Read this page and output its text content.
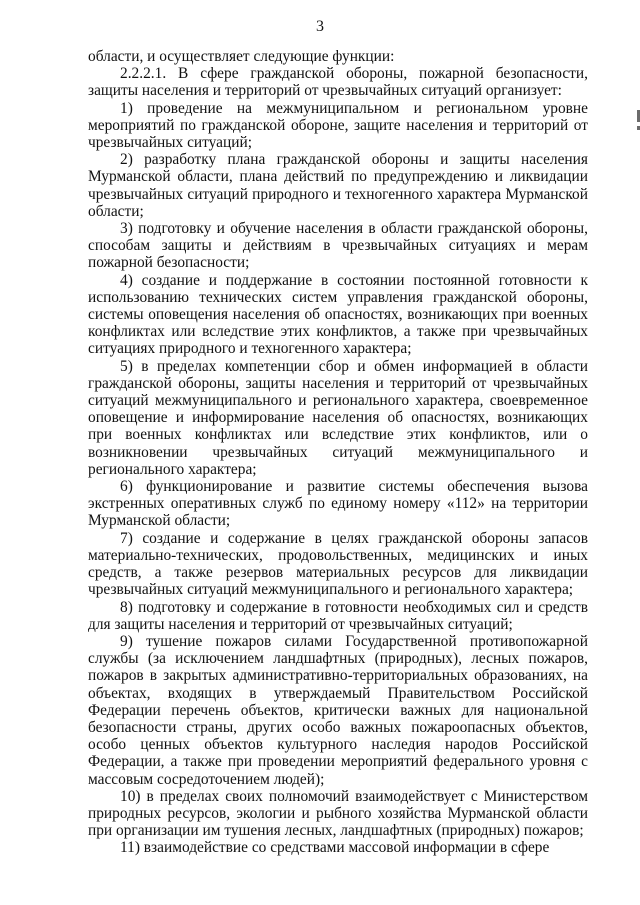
3

области, и осуществляет следующие функции:

2.2.2.1. В сфере гражданской обороны, пожарной безопасности, защиты населения и территорий от чрезвычайных ситуаций организует:

1) проведение на межмуниципальном и региональном уровне мероприятий по гражданской обороне, защите населения и территорий от чрезвычайных ситуаций;

2) разработку плана гражданской обороны и защиты населения Мурманской области, плана действий по предупреждению и ликвидации чрезвычайных ситуаций природного и техногенного характера Мурманской области;

3) подготовку и обучение населения в области гражданской обороны, способам защиты и действиям в чрезвычайных ситуациях и мерам пожарной безопасности;

4) создание и поддержание в состоянии постоянной готовности к использованию технических систем управления гражданской обороны, системы оповещения населения об опасностях, возникающих при военных конфликтах или вследствие этих конфликтов, а также при чрезвычайных ситуациях природного и техногенного характера;

5) в пределах компетенции сбор и обмен информацией в области гражданской обороны, защиты населения и территорий от чрезвычайных ситуаций межмуниципального и регионального характера, своевременное оповещение и информирование населения об опасностях, возникающих при военных конфликтах или вследствие этих конфликтов, или о возникновении чрезвычайных ситуаций межмуниципального и регионального характера;

6) функционирование и развитие системы обеспечения вызова экстренных оперативных служб по единому номеру «112» на территории Мурманской области;

7) создание и содержание в целях гражданской обороны запасов материально-технических, продовольственных, медицинских и иных средств, а также резервов материальных ресурсов для ликвидации чрезвычайных ситуаций межмуниципального и регионального характера;

8) подготовку и содержание в готовности необходимых сил и средств для защиты населения и территорий от чрезвычайных ситуаций;

9) тушение пожаров силами Государственной противопожарной службы (за исключением ландшафтных (природных), лесных пожаров, пожаров в закрытых административно-территориальных образованиях, на объектах, входящих в утверждаемый Правительством Российской Федерации перечень объектов, критически важных для национальной безопасности страны, других особо важных пожароопасных объектов, особо ценных объектов культурного наследия народов Российской Федерации, а также при проведении мероприятий федерального уровня с массовым сосредоточением людей);

10) в пределах своих полномочий взаимодействует с Министерством природных ресурсов, экологии и рыбного хозяйства Мурманской области при организации им тушения лесных, ландшафтных (природных) пожаров;

11) взаимодействие со средствами массовой информации в сфере
